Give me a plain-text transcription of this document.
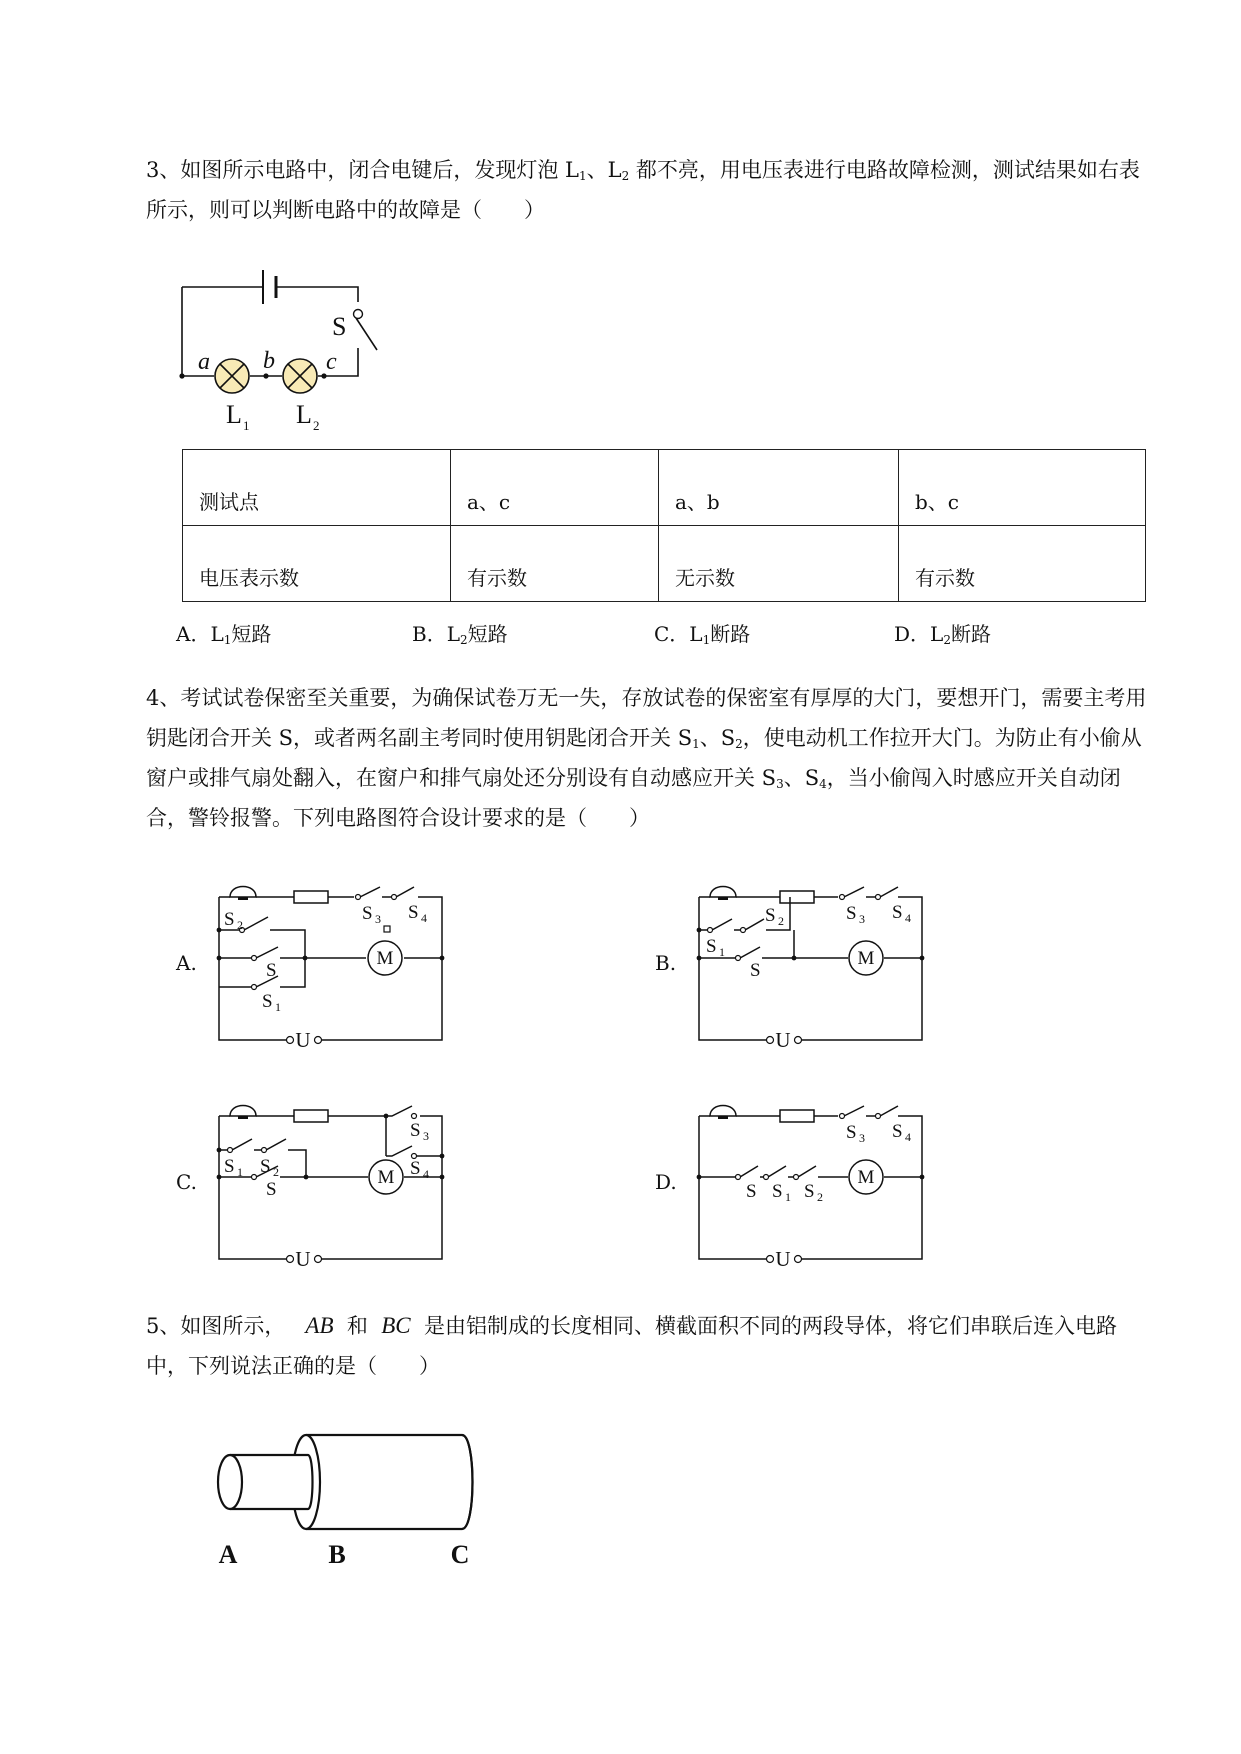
3、如图所示电路中，闭合电键后，发现灯泡 $L_1$、$L_2$ 都不亮，用电压表进行电路故障检测，测试结果如右表所示，则可以判断电路中的故障是（　　）

S
a b c
L 1 L 2
测试点	a、c	a、b	b、c
电压表示数	有示数	无示数	有示数
A．$L_1$短路	B．$L_2$短路	C．$L_1$断路	D．$L_2$断路

4、考试试卷保密至关重要，为确保试卷万无一失，存放试卷的保密室有厚厚的大门，要想开门，需要主考用钥匙闭合开关 S，或者两名副主考同时使用钥匙闭合开关 $S_1$、$S_2$，使电动机工作拉开大门。为防止有小偷从窗户或排气扇处翻入，在窗户和排气扇处还分别设有自动感应开关 $S_3$、$S_4$，当小偷闯入时感应开关自动闭合，警铃报警。下列电路图符合设计要求的是（　　）

A.	B.
C.	D.
M
S 2
S 3 S 4
S
S 1
U
M
S 1
S 2	S 3 S 4
S
U
M
S 1 S 2
S 3
S 4
S
U
M
S 3 S 4
S S 1 S 2
U

5、如图所示， AB 和 BC 是由铝制成的长度相同、横截面积不同的两段导体，将它们串联后连入电路中，下列说法正确的是（　　）

A	B	C
